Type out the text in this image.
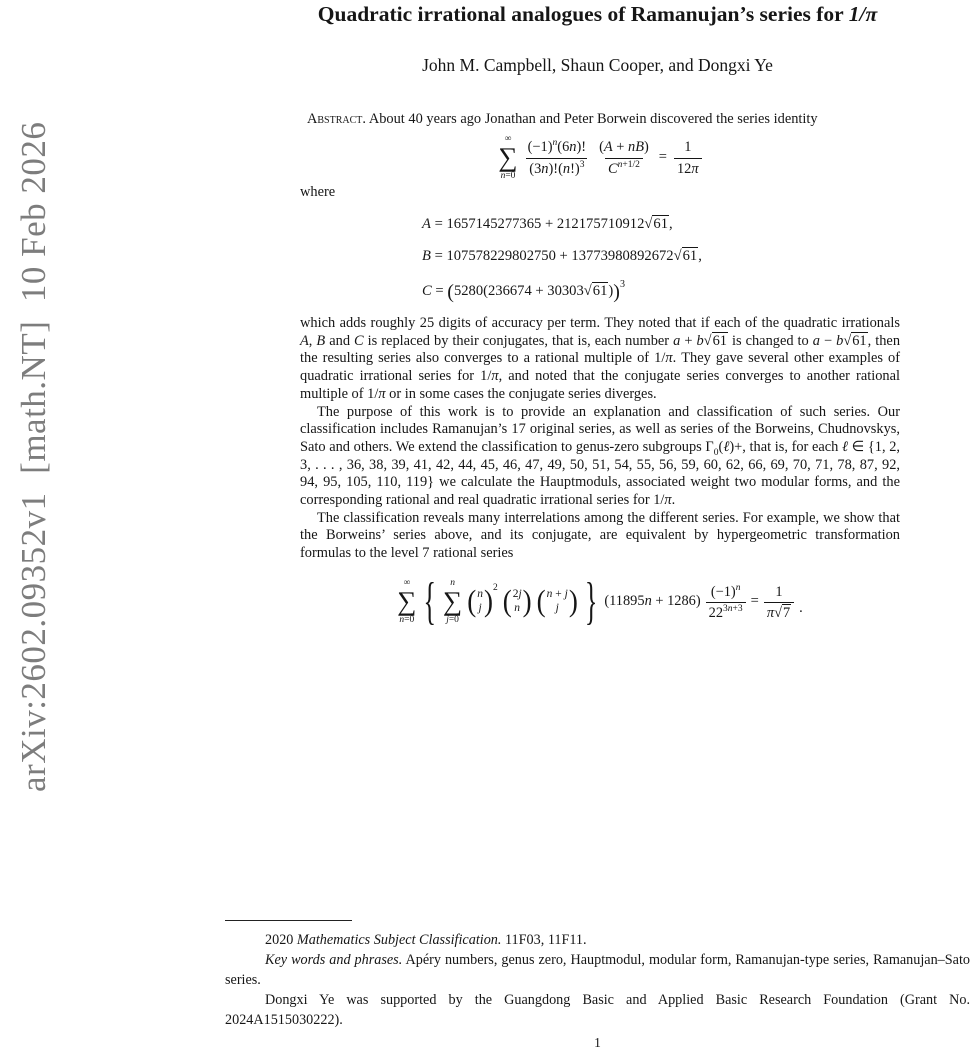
arXiv:2602.09352v1  [math.NT]  10 Feb 2026
Quadratic irrational analogues of Ramanujan’s series for 1/π
John M. Campbell, Shaun Cooper, and Dongxi Ye

Abstract. About 40 years ago Jonathan and Peter Borwein discovered the series identity

∞
∑
$n=0 \frac{(-1)^n(6n)!}{(3n)!(n!)^3} \frac{(A + nB)}{C^{n+1/2}} = \frac{1}{12\pi}$

where

A = 1657145277365 + 212175710912√61,
B = 107578229802750 + 13773980892672√61,
$C = (5280(236674 + 30303√61))^3$

which adds roughly 25 digits of accuracy per term. They noted that if each of the quadratic irrationals A, B and C is replaced by their conjugates, that is, each number a + b√61 is changed to a − b√61, then the resulting series also converges to a rational multiple of 1/π. They gave several other examples of quadratic irrational series for 1/π, and noted that the conjugate series converges to another rational multiple of 1/π or in some cases the conjugate series diverges.

The purpose of this work is to provide an explanation and classification of such series. Our classification includes Ramanujan’s 17 original series, as well as series of the Borweins, Chudnovskys, Sato and others. We extend the classification to genus-zero subgroups $\Gamma_0(\ell)+$, that is, for each ℓ ∈ {1, 2, 3, . . . , 36, 38, 39, 41, 42, 44, 45, 46, 47, 49, 50, 51, 54, 55, 56, 59, 60, 62, 66, 69, 70, 71, 78, 87, 92, 94, 95, 105, 110, 119} we calculate the Hauptmoduls, associated weight two modular forms, and the corresponding rational and real quadratic irrational series for 1/π.

The classification reveals many interrelations among the different series. For example, we show that the Borweins’ series above, and its conjugate, are equivalent by hypergeometric transformation formulas to the level 7 rational series

∞
∑
n=0 { n
∑
j=0
( n
j ) 2 ( 2j
n ) ( n + j
j ) } $(11895n + 1286) \frac{(-1)^n}{22^{3n+3}} = \frac{1}{\pi√7}$ .

2020 Mathematics Subject Classification. 11F03, 11F11.

Key words and phrases. Apéry numbers, genus zero, Hauptmodul, modular form, Ramanujan-type series, Ramanujan–Sato series.

Dongxi Ye was supported by the Guangdong Basic and Applied Basic Research Foundation (Grant No. 2024A1515030222).

1
